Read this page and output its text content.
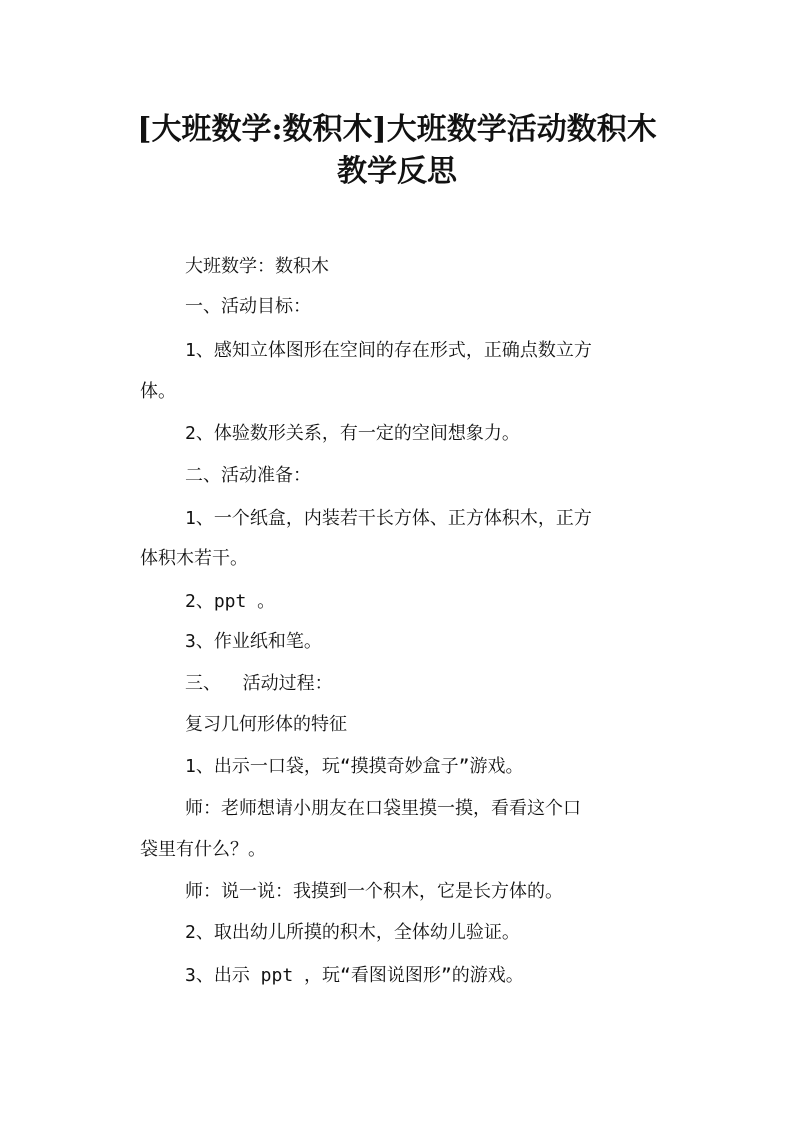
[大班数学:数积木]大班数学活动数积木
教学反思

大班数学：数积木

一、活动目标：

1、感知立体图形在空间的存在形式，正确点数立方

体。

2、体验数形关系，有一定的空间想象力。

二、活动准备：

1、一个纸盒，内装若干长方体、正方体积木，正方

体积木若干。

2、ppt 。

3、作业纸和笔。

三、  活动过程：

复习几何形体的特征

1、出示一口袋，玩“摸摸奇妙盒子”游戏。

师：老师想请小朋友在口袋里摸一摸，看看这个口

袋里有什么？。

师：说一说：我摸到一个积木，它是长方体的。

2、取出幼儿所摸的积木，全体幼儿验证。

3、出示 ppt ，玩“看图说图形”的游戏。
